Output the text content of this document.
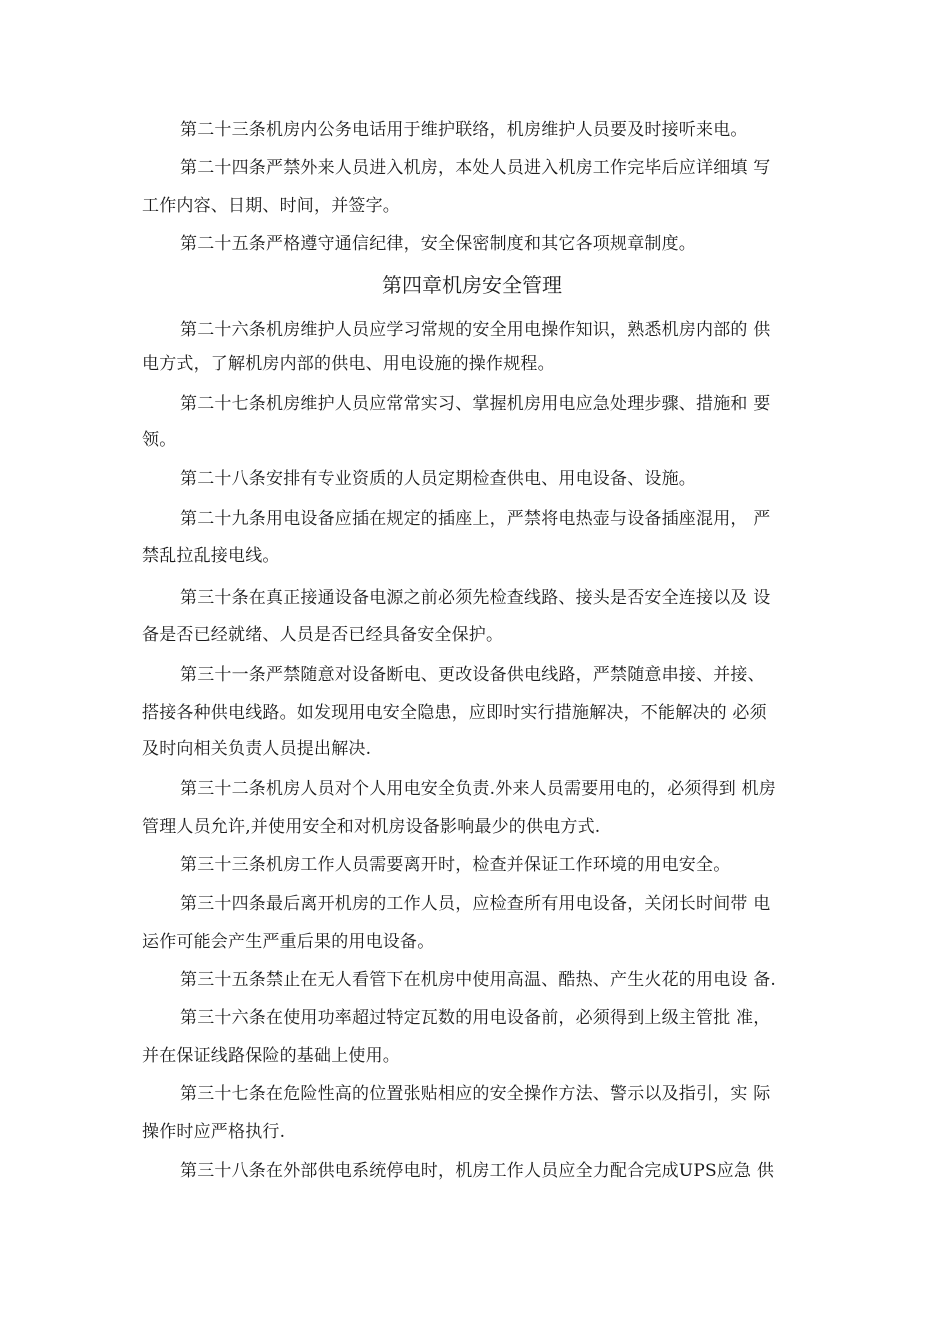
第二十三条机房内公务电话用于维护联络，机房维护人员要及时接听来电。
第二十四条严禁外来人员进入机房，本处人员进入机房工作完毕后应详细填 写
工作内容、日期、时间，并签字。
第二十五条严格遵守通信纪律，安全保密制度和其它各项规章制度。
第四章机房安全管理
第二十六条机房维护人员应学习常规的安全用电操作知识，熟悉机房内部的 供
电方式，了解机房内部的供电、用电设施的操作规程。
第二十七条机房维护人员应常常实习、掌握机房用电应急处理步骤、措施和 要
领。
第二十八条安排有专业资质的人员定期检查供电、用电设备、设施。
第二十九条用电设备应插在规定的插座上，严禁将电热壶与设备插座混用， 严
禁乱拉乱接电线。
第三十条在真正接通设备电源之前必须先检查线路、接头是否安全连接以及 设
备是否已经就绪、人员是否已经具备安全保护。
第三十一条严禁随意对设备断电、更改设备供电线路，严禁随意串接、并接、
搭接各种供电线路。如发现用电安全隐患，应即时实行措施解决，不能解决的 必须
及时向相关负责人员提出解决.
第三十二条机房人员对个人用电安全负责.外来人员需要用电的，必须得到 机房
管理人员允许,并使用安全和对机房设备影响最少的供电方式.
第三十三条机房工作人员需要离开时，检查并保证工作环境的用电安全。
第三十四条最后离开机房的工作人员，应检查所有用电设备，关闭长时间带 电
运作可能会产生严重后果的用电设备。
第三十五条禁止在无人看管下在机房中使用高温、酷热、产生火花的用电设 备.
第三十六条在使用功率超过特定瓦数的用电设备前，必须得到上级主管批 准，
并在保证线路保险的基础上使用。
第三十七条在危险性高的位置张贴相应的安全操作方法、警示以及指引，实 际
操作时应严格执行.
第三十八条在外部供电系统停电时，机房工作人员应全力配合完成UPS应急 供
